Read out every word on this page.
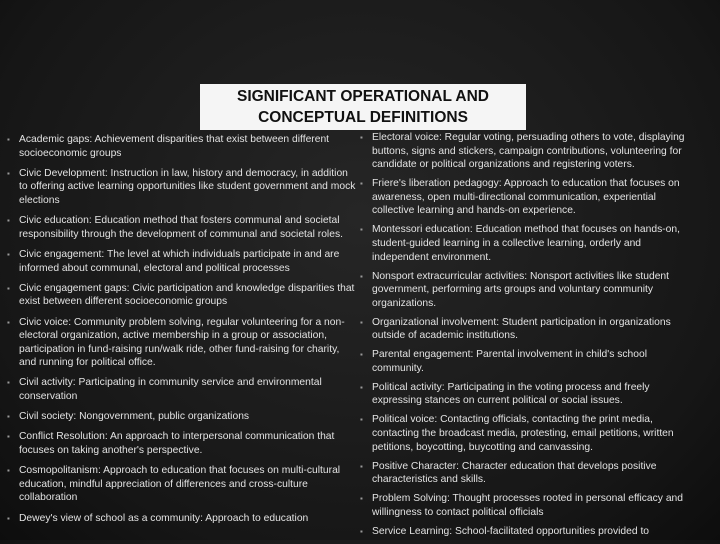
SIGNIFICANT OPERATIONAL AND
CONCEPTUAL DEFINITIONS
▪ Academic gaps: Achievement disparities that exist between different socioeconomic groups
▪ Civic Development: Instruction in law, history and democracy, in addition to offering active learning opportunities like student government and mock elections
▪ Civic education: Education method that fosters communal and societal responsibility through the development of communal and societal roles.
▪ Civic engagement: The level at which individuals participate in and are informed about communal, electoral and political processes
▪ Civic engagement gaps: Civic participation and knowledge disparities that exist between different socioeconomic groups
▪ Civic voice: Community problem solving, regular volunteering for a non-electoral organization, active membership in a group or association, participation in fund-raising run/walk ride, other fund-raising for charity, and running for political office.
▪ Civil activity: Participating in community service and environmental conservation
▪ Civil society: Nongovernment, public organizations
▪ Conflict Resolution: An approach to interpersonal communication that focuses on taking another's perspective.
▪ Cosmopolitanism: Approach to education that focuses on multi-cultural education, mindful appreciation of differences and cross-culture collaboration
▪ Dewey's view of school as a community: Approach to education
▪ Electoral voice: Regular voting, persuading others to vote, displaying buttons, signs and stickers, campaign contributions, volunteering for candidate or political organizations and registering voters.
▪ Friere's liberation pedagogy: Approach to education that focuses on awareness, open multi-directional communication, experiential collective learning and hands-on experience.
▪ Montessori education: Education method that focuses on hands-on, student-guided learning in a collective learning, orderly and independent environment.
▪ Nonsport extracurricular activities: Nonsport activities like student government, performing arts groups and voluntary community organizations.
▪ Organizational involvement: Student participation in organizations outside of academic institutions.
▪ Parental engagement: Parental involvement in child's school community.
▪ Political activity: Participating in the voting process and freely expressing stances on current political or social issues.
▪ Political voice: Contacting officials, contacting the print media, contacting the broadcast media, protesting, email petitions, written petitions, boycotting, buycotting and canvassing.
▪ Positive Character: Character education that develops positive characteristics and skills.
▪ Problem Solving: Thought processes rooted in personal efficacy and willingness to contact political officials
▪ Service Learning: School-facilitated opportunities provided to
